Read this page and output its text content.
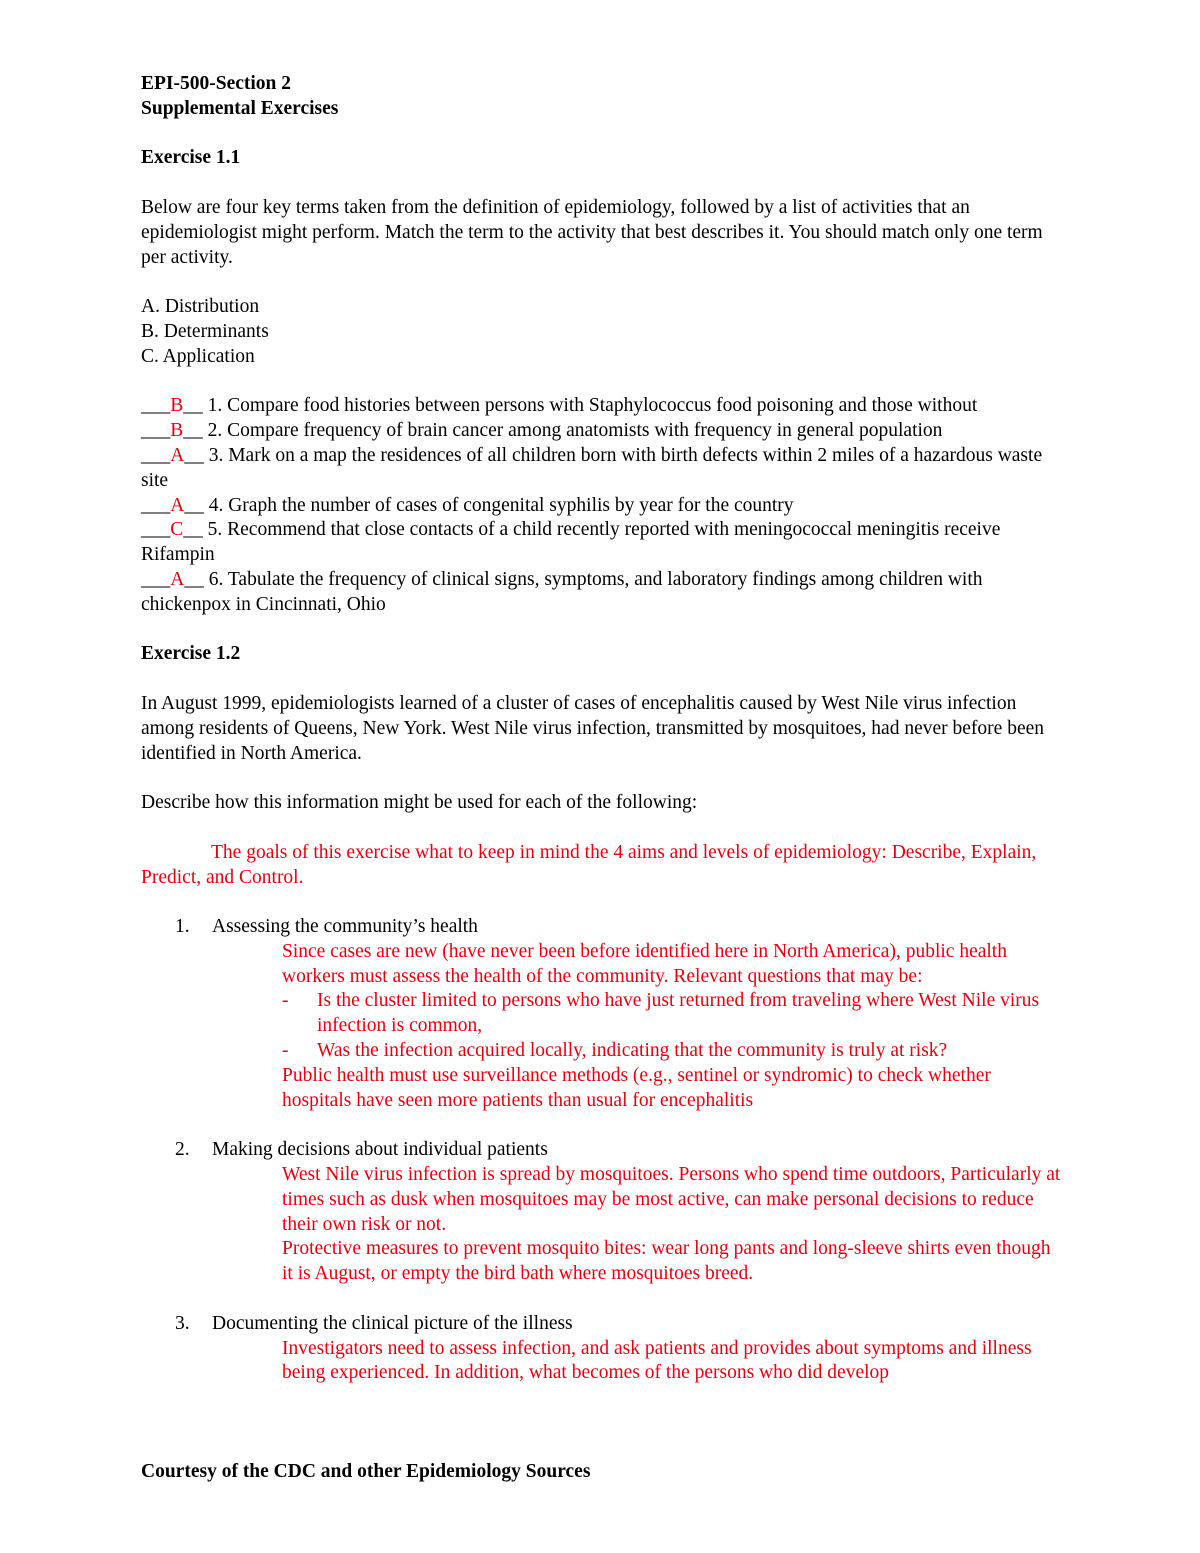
EPI-500-Section 2

Supplemental Exercises

Exercise 1.1

Below are four key terms taken from the definition of epidemiology, followed by a list of activities that an epidemiologist might perform. Match the term to the activity that best describes it. You should match only one term per activity.

A. Distribution

B. Determinants

C. Application

___B__ 1. Compare food histories between persons with Staphylococcus food poisoning and those without

___B__ 2. Compare frequency of brain cancer among anatomists with frequency in general population

___A__ 3. Mark on a map the residences of all children born with birth defects within 2 miles of a hazardous waste site

___A__ 4. Graph the number of cases of congenital syphilis by year for the country

___C__ 5. Recommend that close contacts of a child recently reported with meningococcal meningitis receive Rifampin

___A__ 6. Tabulate the frequency of clinical signs, symptoms, and laboratory findings among children with chickenpox in Cincinnati, Ohio

Exercise 1.2

In August 1999, epidemiologists learned of a cluster of cases of encephalitis caused by West Nile virus infection among residents of Queens, New York. West Nile virus infection, transmitted by mosquitoes, had never before been identified in North America.

Describe how this information might be used for each of the following:

The goals of this exercise what to keep in mind the 4 aims and levels of epidemiology: Describe, Explain, Predict, and Control.

1. Assessing the community’s health

Since cases are new (have never been before identified here in North America), public health workers must assess the health of the community. Relevant questions that may be:

- Is the cluster limited to persons who have just returned from traveling where West Nile virus infection is common,
- Was the infection acquired locally, indicating that the community is truly at risk?

Public health must use surveillance methods (e.g., sentinel or syndromic) to check whether hospitals have seen more patients than usual for encephalitis

2. Making decisions about individual patients

West Nile virus infection is spread by mosquitoes. Persons who spend time outdoors, Particularly at times such as dusk when mosquitoes may be most active, can make personal decisions to reduce their own risk or not.

Protective measures to prevent mosquito bites: wear long pants and long-sleeve shirts even though it is August, or empty the bird bath where mosquitoes breed.

3. Documenting the clinical picture of the illness

Investigators need to assess infection, and ask patients and provides about symptoms and illness being experienced. In addition, what becomes of the persons who did develop

Courtesy of the CDC and other Epidemiology Sources
